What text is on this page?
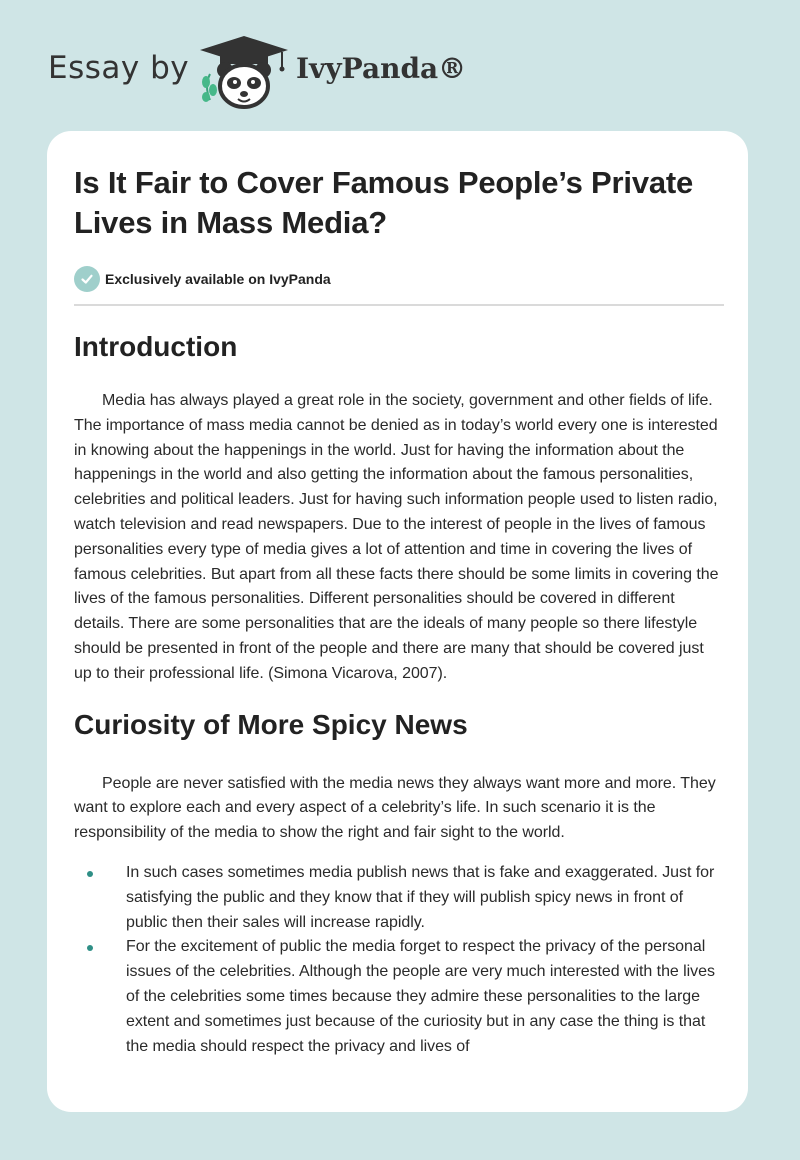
Essay by	IvyPanda®
Is It Fair to Cover Famous People’s Private Lives in Mass Media?
Exclusively available on IvyPanda
Introduction

Media has always played a great role in the society, government and other fields of life. The importance of mass media cannot be denied as in today’s world every one is interested in knowing about the happenings in the world. Just for having the information about the happenings in the world and also getting the information about the famous personalities, celebrities and political leaders. Just for having such information people used to listen radio, watch television and read newspapers. Due to the interest of people in the lives of famous personalities every type of media gives a lot of attention and time in covering the lives of famous celebrities. But apart from all these facts there should be some limits in covering the lives of the famous personalities. Different personalities should be covered in different details. There are some personalities that are the ideals of many people so there lifestyle should be presented in front of the people and there are many that should be covered just up to their professional life. (Simona Vicarova, 2007).

Curiosity of More Spicy News

People are never satisfied with the media news they always want more and more. They want to explore each and every aspect of a celebrity’s life. In such scenario it is the responsibility of the media to show the right and fair sight to the world.

In such cases sometimes media publish news that is fake and exaggerated. Just for satisfying the public and they know that if they will publish spicy news in front of public then their sales will increase rapidly.
For the excitement of public the media forget to respect the privacy of the personal issues of the celebrities. Although the people are very much interested with the lives of the celebrities some times because they admire these personalities to the large extent and sometimes just because of the curiosity but in any case the thing is that the media should respect the privacy and lives of
